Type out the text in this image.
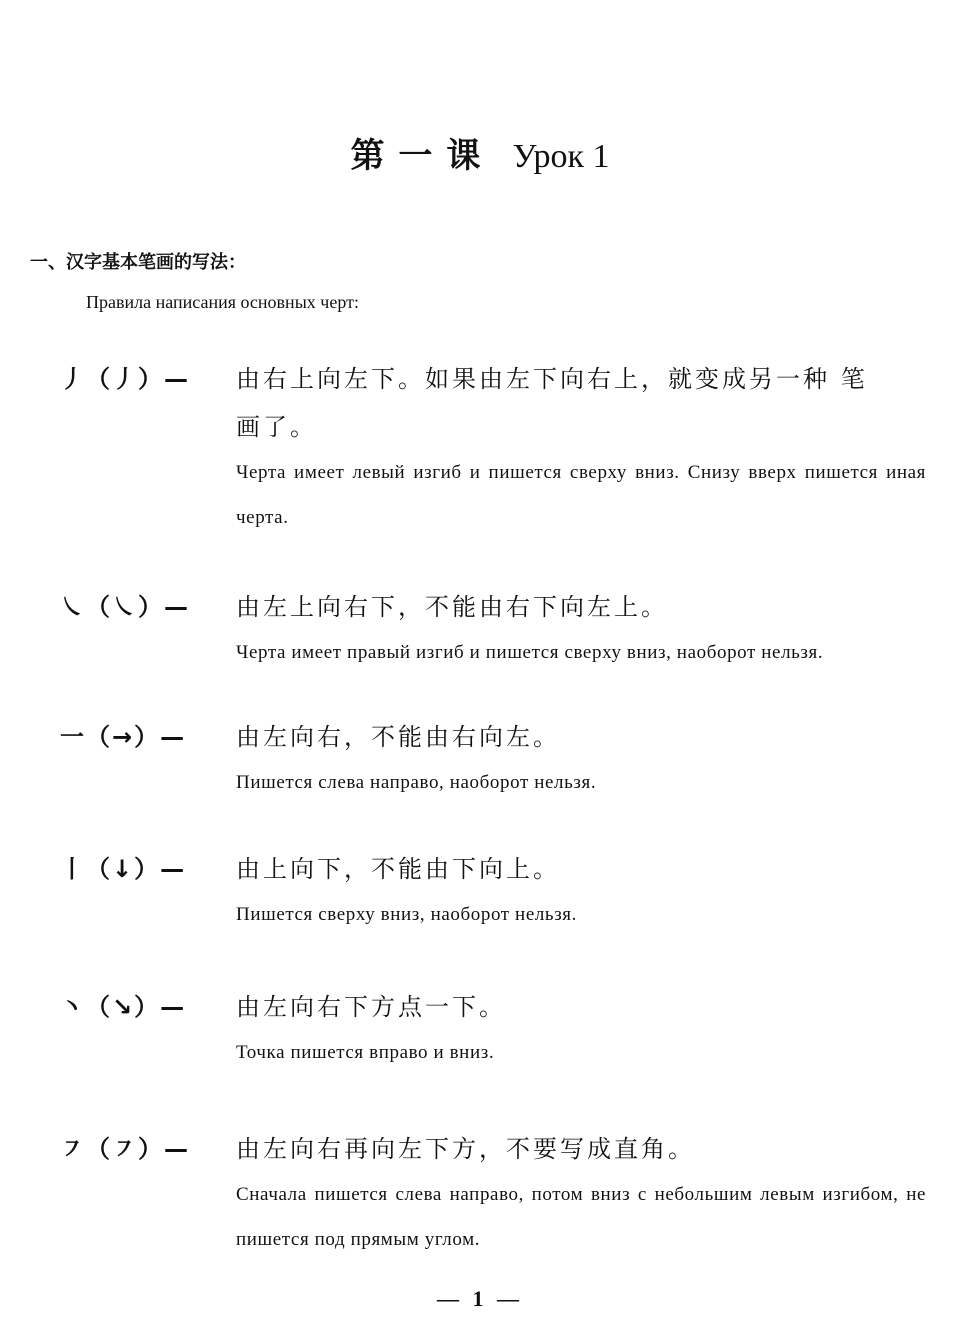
第一课 Урок 1
一、汉字基本笔画的写法：
Правила написания основных черт:
丿（丿）—	由右上向左下。如果由左下向右上，就变成另一种 笔
画了。
Черта имеет левый изгиб и пишется сверху вниз. Снизу вверх пишется иная черта.
㇏（㇏）—	由左上向右下，不能由右下向左上。
Черта имеет правый изгиб и пишется сверху вниз, наоборот нельзя.
一（→）—	由左向右，不能由右向左。
Пишется слева направо, наоборот нельзя.
丨（↓）—	由上向下，不能由下向上。
Пишется сверху вниз, наоборот нельзя.
丶（↘）—	由左向右下方点一下。
Точка пишется вправо и вниз.
㇇（㇇）—	由左向右再向左下方，不要写成直角。
Сначала пишется слева направо, потом вниз с небольшим левым изгибом, не пишется под прямым углом.
— 1 —
